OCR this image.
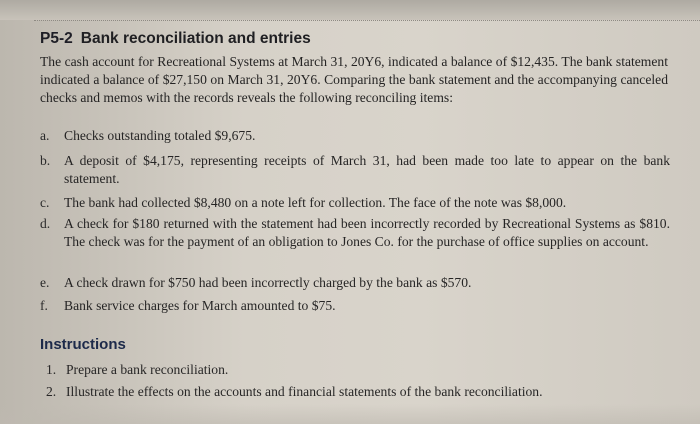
P5-2 Bank reconciliation and entries
The cash account for Recreational Systems at March 31, 20Y6, indicated a balance of $12,435. The bank statement indicated a balance of $27,150 on March 31, 20Y6. Comparing the bank statement and the accompanying canceled checks and memos with the records reveals the following reconciling items:
a.	Checks outstanding totaled $9,675.
b.	A deposit of $4,175, representing receipts of March 31, had been made too late to appear on the bank statement.
c.	The bank had collected $8,480 on a note left for collection. The face of the note was $8,000.
d.	A check for $180 returned with the statement had been incorrectly recorded by Recreational Systems as $810. The check was for the payment of an obligation to Jones Co. for the purchase of office supplies on account.
e.	A check drawn for $750 had been incorrectly charged by the bank as $570.
f.	Bank service charges for March amounted to $75.
Instructions
1. Prepare a bank reconciliation.
2. Illustrate the effects on the accounts and financial statements of the bank reconciliation.
